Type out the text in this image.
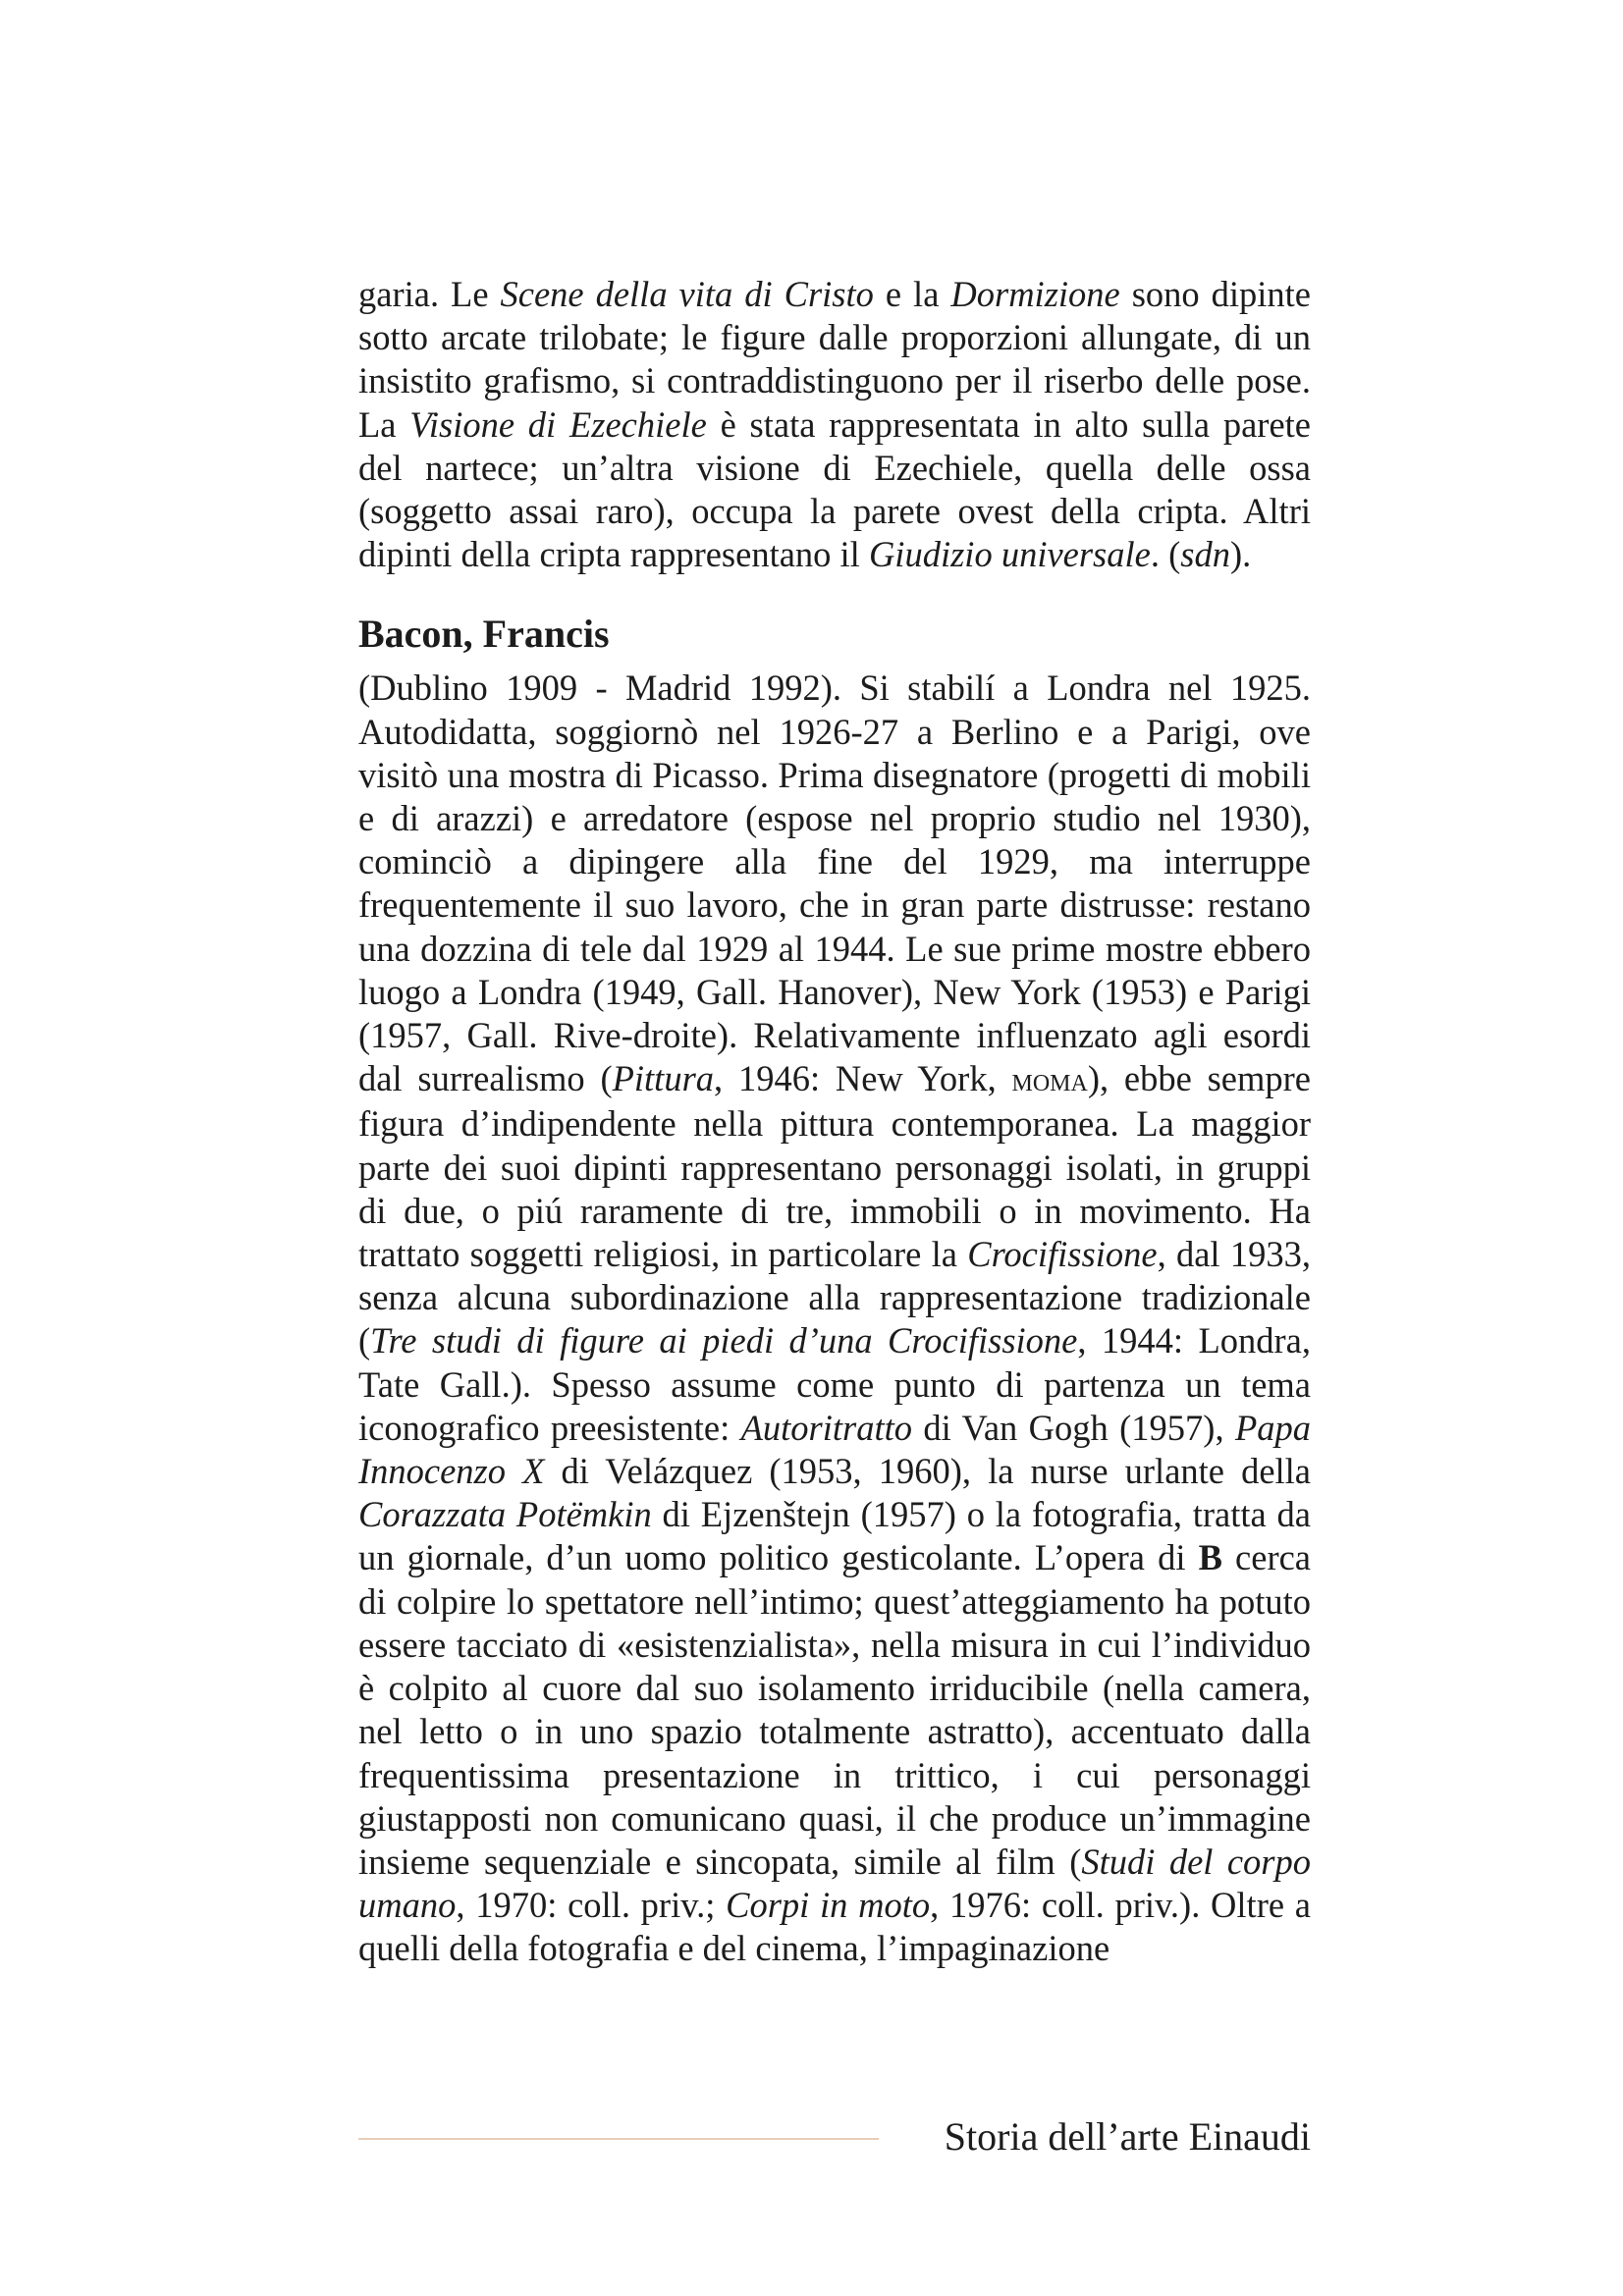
garia. Le Scene della vita di Cristo e la Dormizione sono dipinte sotto arcate trilobate; le figure dalle proporzioni allungate, di un insistito grafismo, si contraddistinguono per il riserbo delle pose. La Visione di Ezechiele è stata rappresentata in alto sulla parete del nartece; un’altra visione di Ezechiele, quella delle ossa (soggetto assai raro), occupa la parete ovest della cripta. Altri dipinti della cripta rappresentano il Giudizio universale. (sdn).

Bacon, Francis

(Dublino 1909 - Madrid 1992). Si stabilí a Londra nel 1925. Autodidatta, soggiornò nel 1926-27 a Berlino e a Parigi, ove visitò una mostra di Picasso. Prima disegnatore (progetti di mobili e di arazzi) e arredatore (espose nel proprio studio nel 1930), cominciò a dipingere alla fine del 1929, ma interruppe frequentemente il suo lavoro, che in gran parte distrusse: restano una dozzina di tele dal 1929 al 1944. Le sue prime mostre ebbero luogo a Londra (1949, Gall. Hanover), New York (1953) e Parigi (1957, Gall. Rive-droite). Relativamente influenzato agli esordi dal surrealismo (Pittura, 1946: New York, moma), ebbe sempre figura d’indipendente nella pittura contemporanea. La maggior parte dei suoi dipinti rappresentano personaggi isolati, in gruppi di due, o piú raramente di tre, immobili o in movimento. Ha trattato soggetti religiosi, in particolare la Crocifissione, dal 1933, senza alcuna subordinazione alla rappresentazione tradizionale (Tre studi di figure ai piedi d’una Crocifissione, 1944: Londra, Tate Gall.). Spesso assume come punto di partenza un tema iconografico preesistente: Autoritratto di Van Gogh (1957), Papa Innocenzo X di Velázquez (1953, 1960), la nurse urlante della Corazzata Potëmkin di Ejzenštejn (1957) o la fotografia, tratta da un giornale, d’un uomo politico gesticolante. L’opera di B cerca di colpire lo spettatore nell’intimo; quest’atteggiamento ha potuto essere tacciato di «esistenzialista», nella misura in cui l’individuo è colpito al cuore dal suo isolamento irriducibile (nella camera, nel letto o in uno spazio totalmente astratto), accentuato dalla frequentissima presentazione in trittico, i cui personaggi giustapposti non comunicano quasi, il che produce un’immagine insieme sequenziale e sincopata, simile al film (Studi del corpo umano, 1970: coll. priv.; Corpi in moto, 1976: coll. priv.). Oltre a quelli della fotografia e del cinema, l’impaginazione

Storia dell’arte Einaudi
